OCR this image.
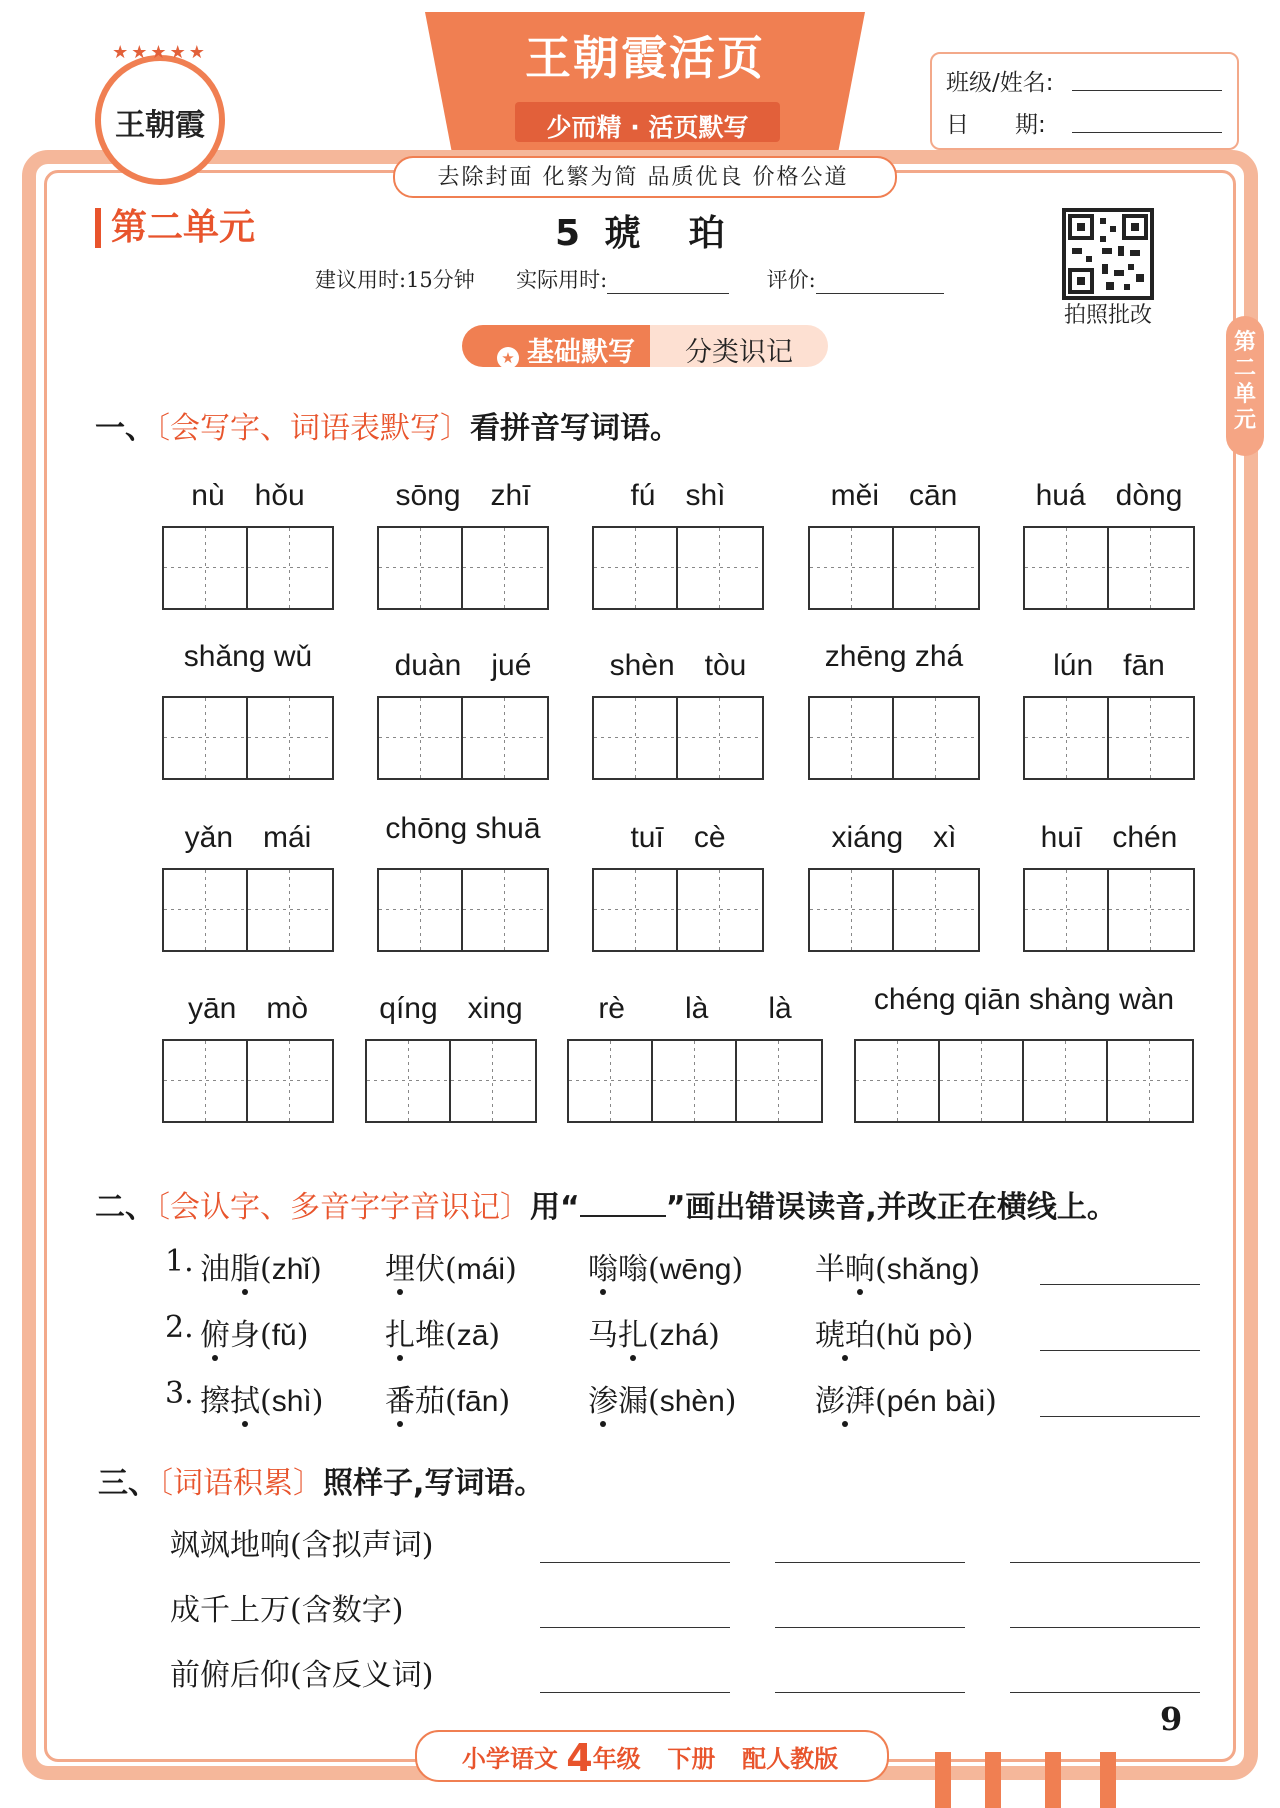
王朝霞活页
少而精 · 活页默写
去除封面 化繁为简 品质优良 价格公道
★★★★★
王朝霞
班级/姓名:
日　　期:
第二单元	5 琥　珀
建议用时:15分钟 实际用时:	评价:
拍照批改
第二单元
★ 基础默写	分类识记
一、〔会写字、词语表默写〕看拼音写词语。
nù　hǒu	sōng　zhī	fú　shì	měi　cān	huá　dòng
shǎng wǔ	duàn　jué	shèn　tòu	zhēng zhá	lún　fān
yǎn　mái	chōng shuā	tuī　cè	xiáng　xì	huī　chén
yān　mò	qíng　xing	rè　　là　　là	chéng qiān shàng wàn
二、〔会认字、多音字字音识记〕用“	”画出错误读音,并改正在横线上。
1. 油脂(zhǐ) 埋伏(mái) 嗡嗡(wēng) 半晌(shǎng)
2. 俯身(fǔ)	扎堆(zā)	马扎(zhá)	琥珀(hǔ pò)
3. 擦拭(shì) 番茄(fān)	渗漏(shèn)	澎湃(pén bài)
三、〔词语积累〕照样子,写词语。
飒飒地响(含拟声词)
成千上万(含数字)
前俯后仰(含反义词)
小学语文 4年级 下册 配人教版
9
